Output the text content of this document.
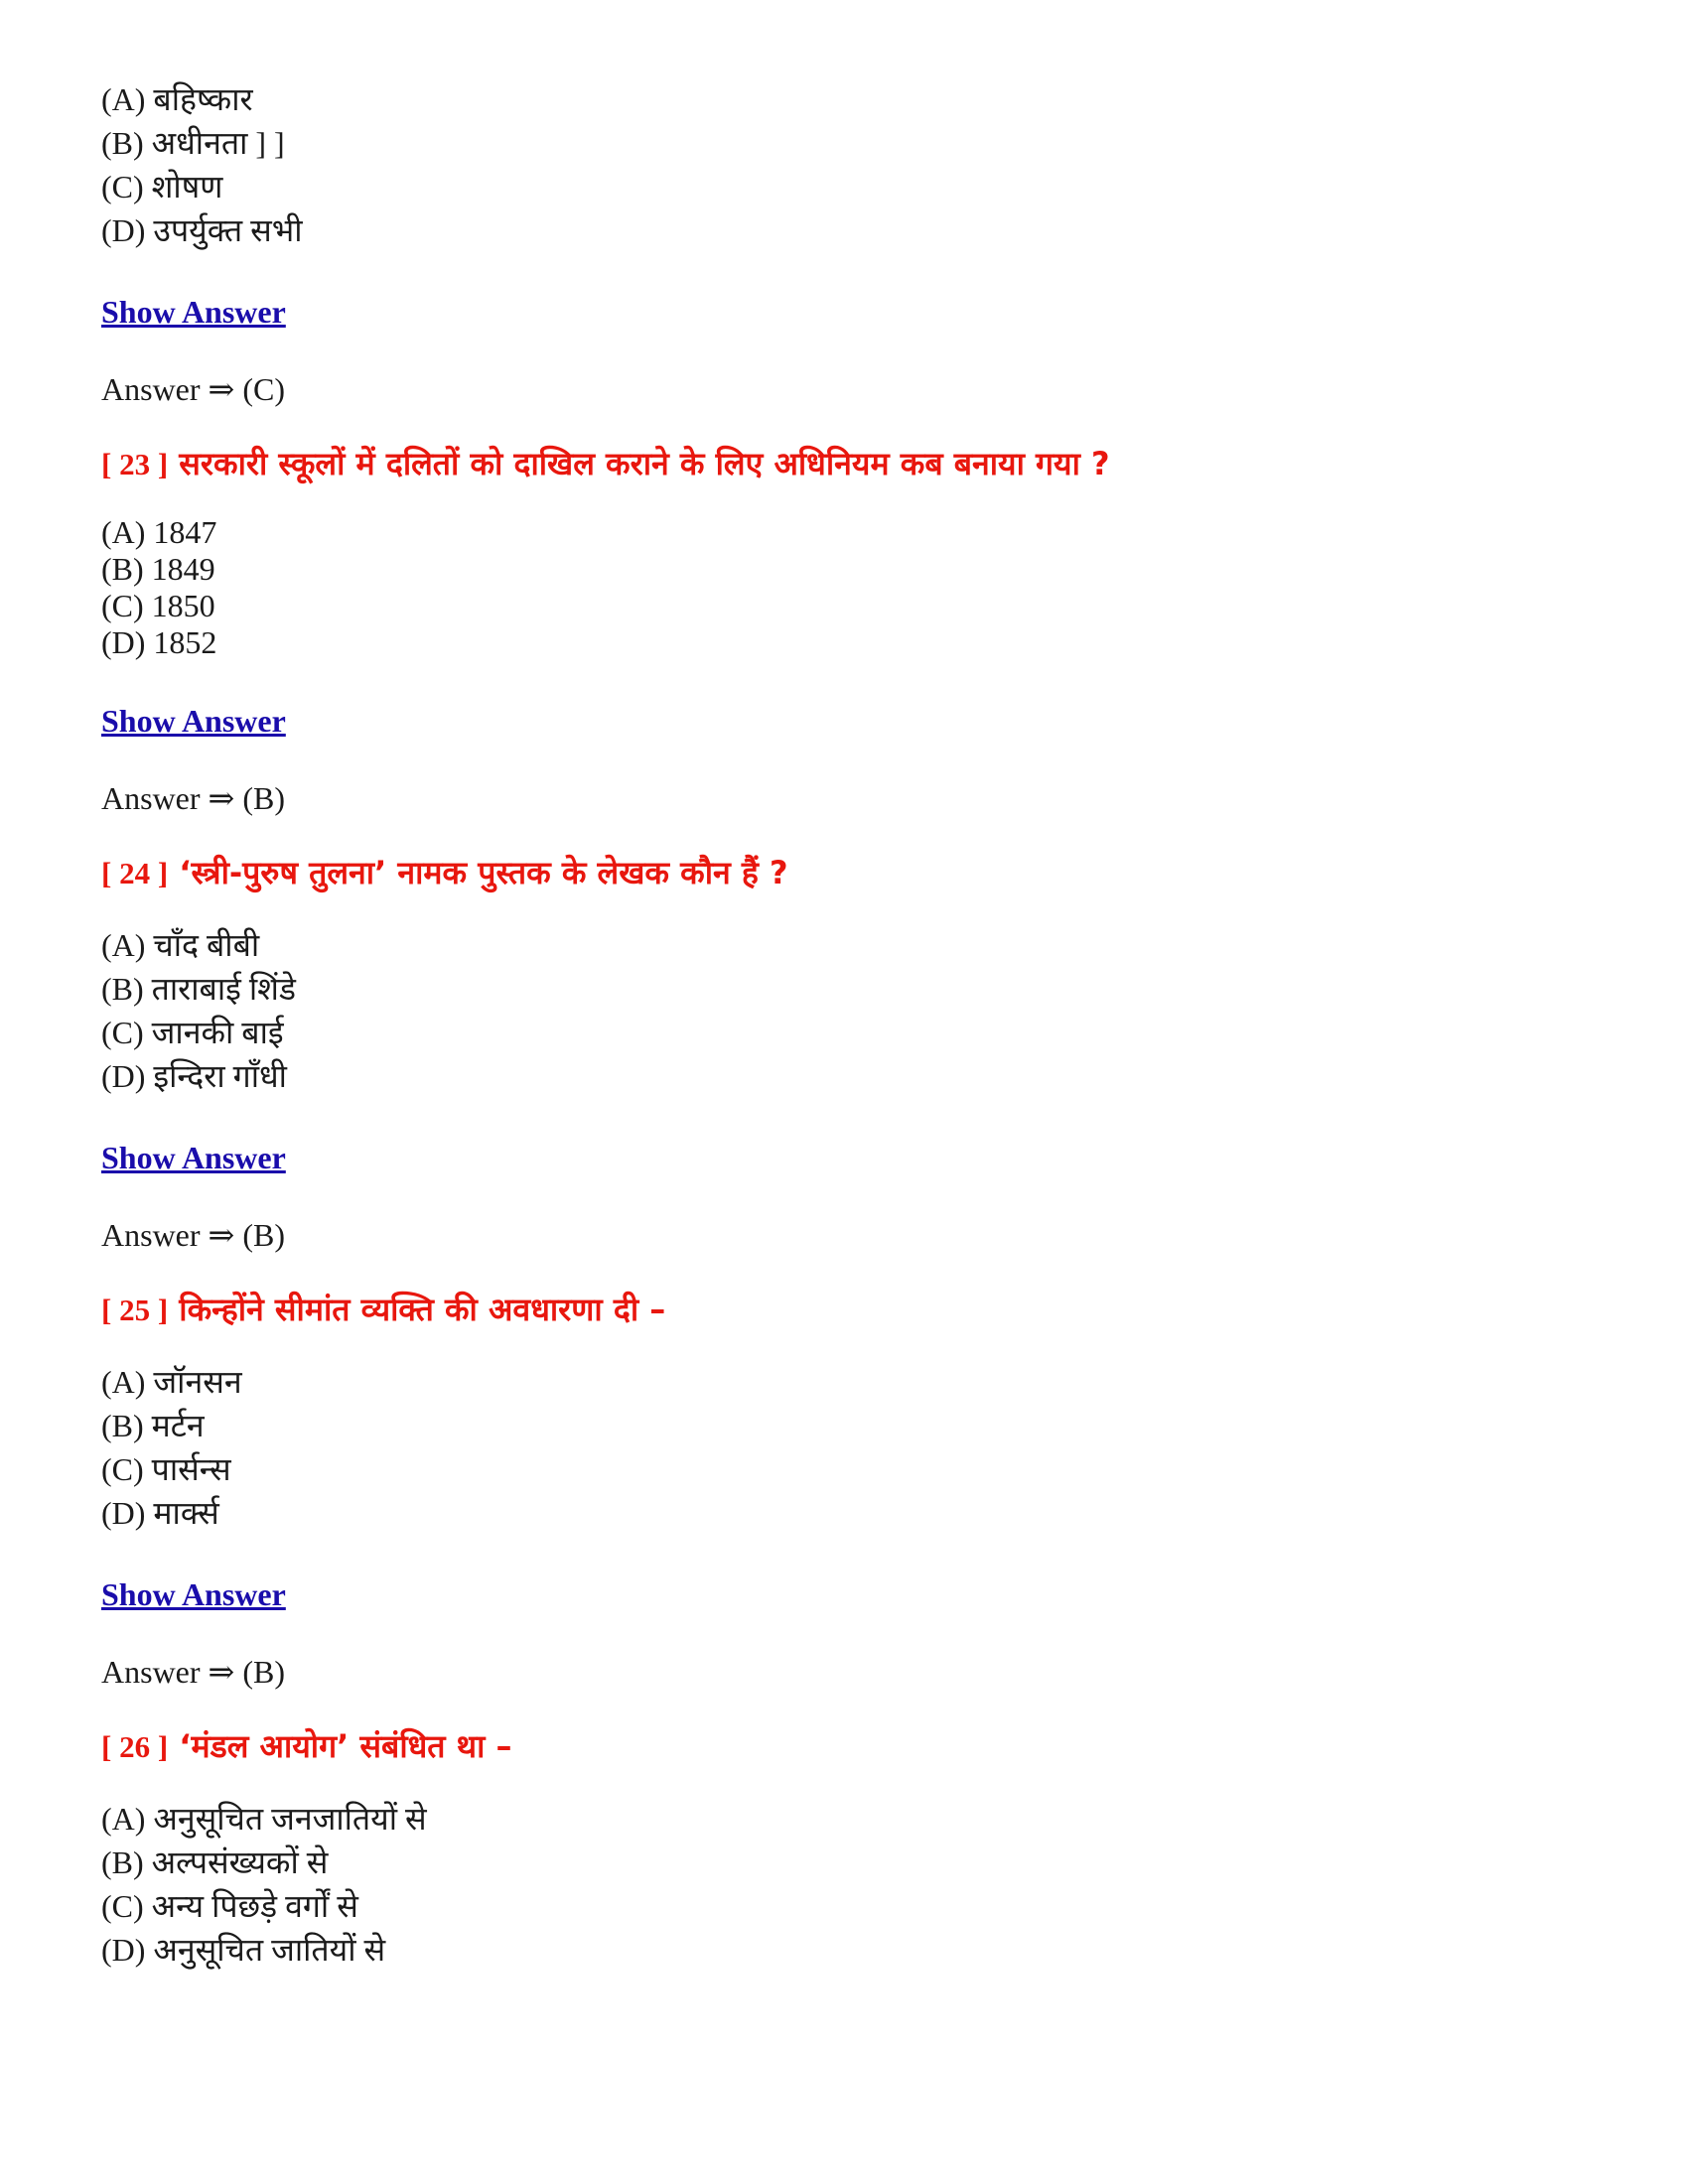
(A) बहिष्कार
(B) अधीनता ] ]
(C) शोषण
(D) उपर्युक्त सभी
Show Answer
Answer ⇒ (C)
[ 23 ] सरकारी स्कूलों में दलितों को दाखिल कराने के लिए अधिनियम कब बनाया गया ?
(A) 1847
(B) 1849
(C) 1850
(D) 1852
Show Answer
Answer ⇒ (B)
[ 24 ] ‘स्त्री-पुरुष तुलना’ नामक पुस्तक के लेखक कौन हैं ?
(A) चाँद बीबी
(B) ताराबाई शिंडे
(C) जानकी बाई
(D) इन्दिरा गाँधी
Show Answer
Answer ⇒ (B)
[ 25 ] किन्होंने सीमांत व्यक्ति की अवधारणा दी –
(A) जॉनसन
(B) मर्टन
(C) पार्सन्स
(D) मार्क्स
Show Answer
Answer ⇒ (B)
[ 26 ] ‘मंडल आयोग’ संबंधित था –
(A) अनुसूचित जनजातियों से
(B) अल्पसंख्यकों से
(C) अन्य पिछड़े वर्गों से
(D) अनुसूचित जातियों से
